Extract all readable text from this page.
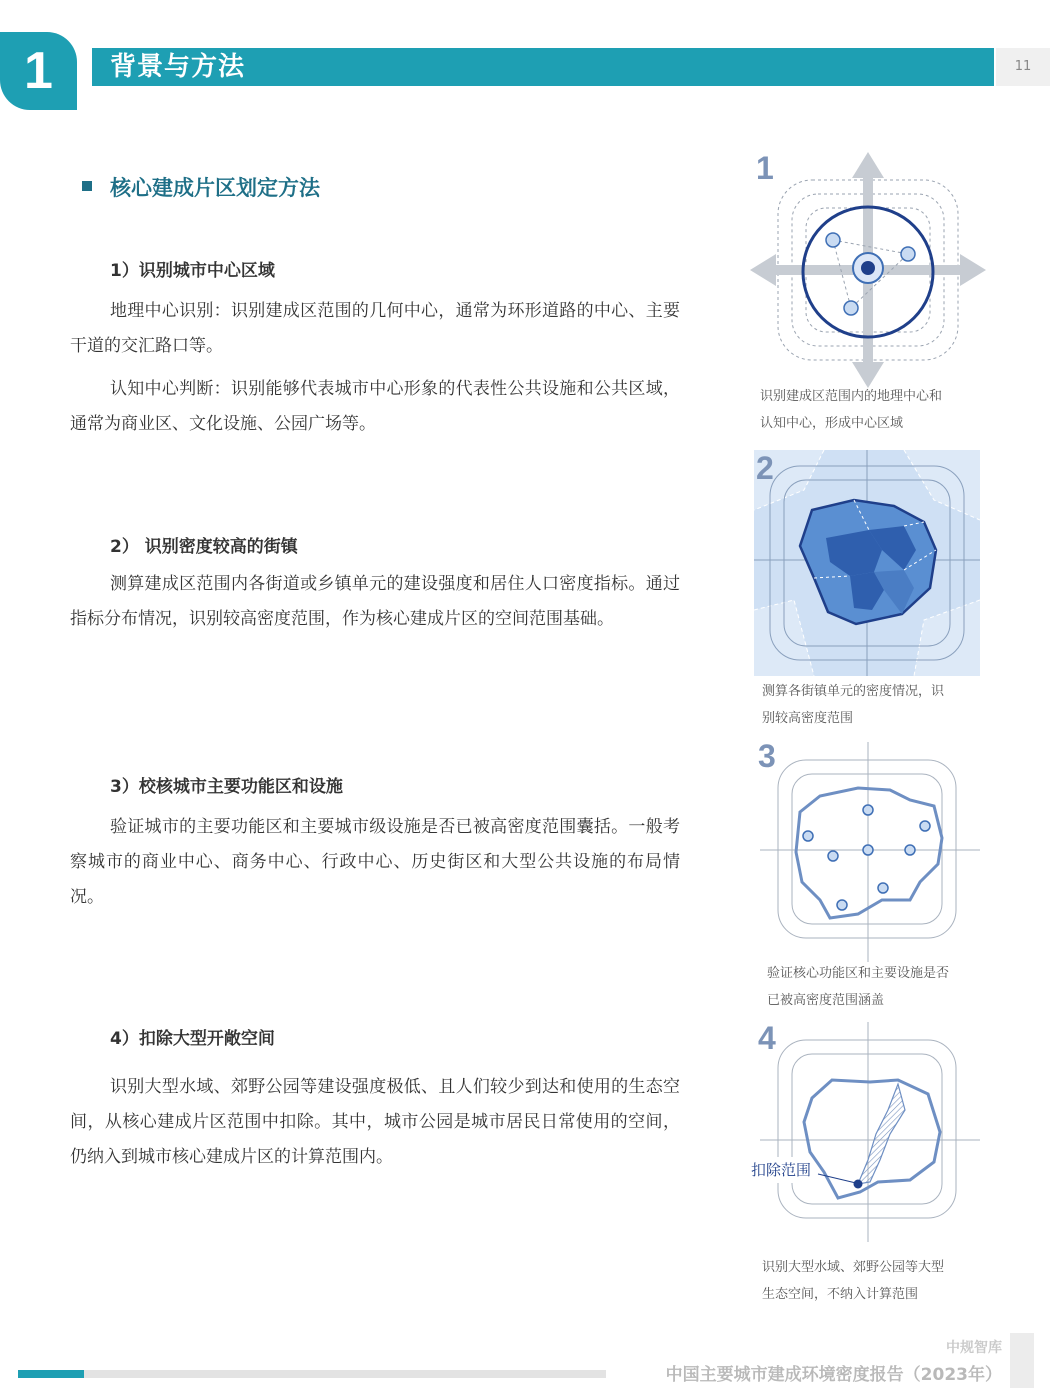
1	背景与方法	11
核心建成片区划定方法
1）识别城市中心区域

地理中心识别：识别建成区范围的几何中心，通常为环形道路的中心、主要干道的交汇路口等。

认知中心判断：识别能够代表城市中心形象的代表性公共设施和公共区域，通常为商业区、文化设施、公园广场等。

2） 识别密度较高的街镇

测算建成区范围内各街道或乡镇单元的建设强度和居住人口密度指标。通过指标分布情况，识别较高密度范围，作为核心建成片区的空间范围基础。

3）校核城市主要功能区和设施

验证城市的主要功能区和主要城市级设施是否已被高密度范围囊括。一般考察城市的商业中心、商务中心、行政中心、历史街区和大型公共设施的布局情况。

4）扣除大型开敞空间

识别大型水域、郊野公园等建设强度极低、且人们较少到达和使用的生态空间，从核心建成片区范围中扣除。其中，城市公园是城市居民日常使用的空间，仍纳入到城市核心建成片区的计算范围内。

1
识别建成区范围内的地理中心和
认知中心，形成中心区域
2
测算各街镇单元的密度情况，识
别较高密度范围
3
验证核心功能区和主要设施是否
已被高密度范围涵盖
4
扣除范围
识别大型水域、郊野公园等大型
生态空间，不纳入计算范围
中规智库
中国主要城市建成环境密度报告（2023年）
